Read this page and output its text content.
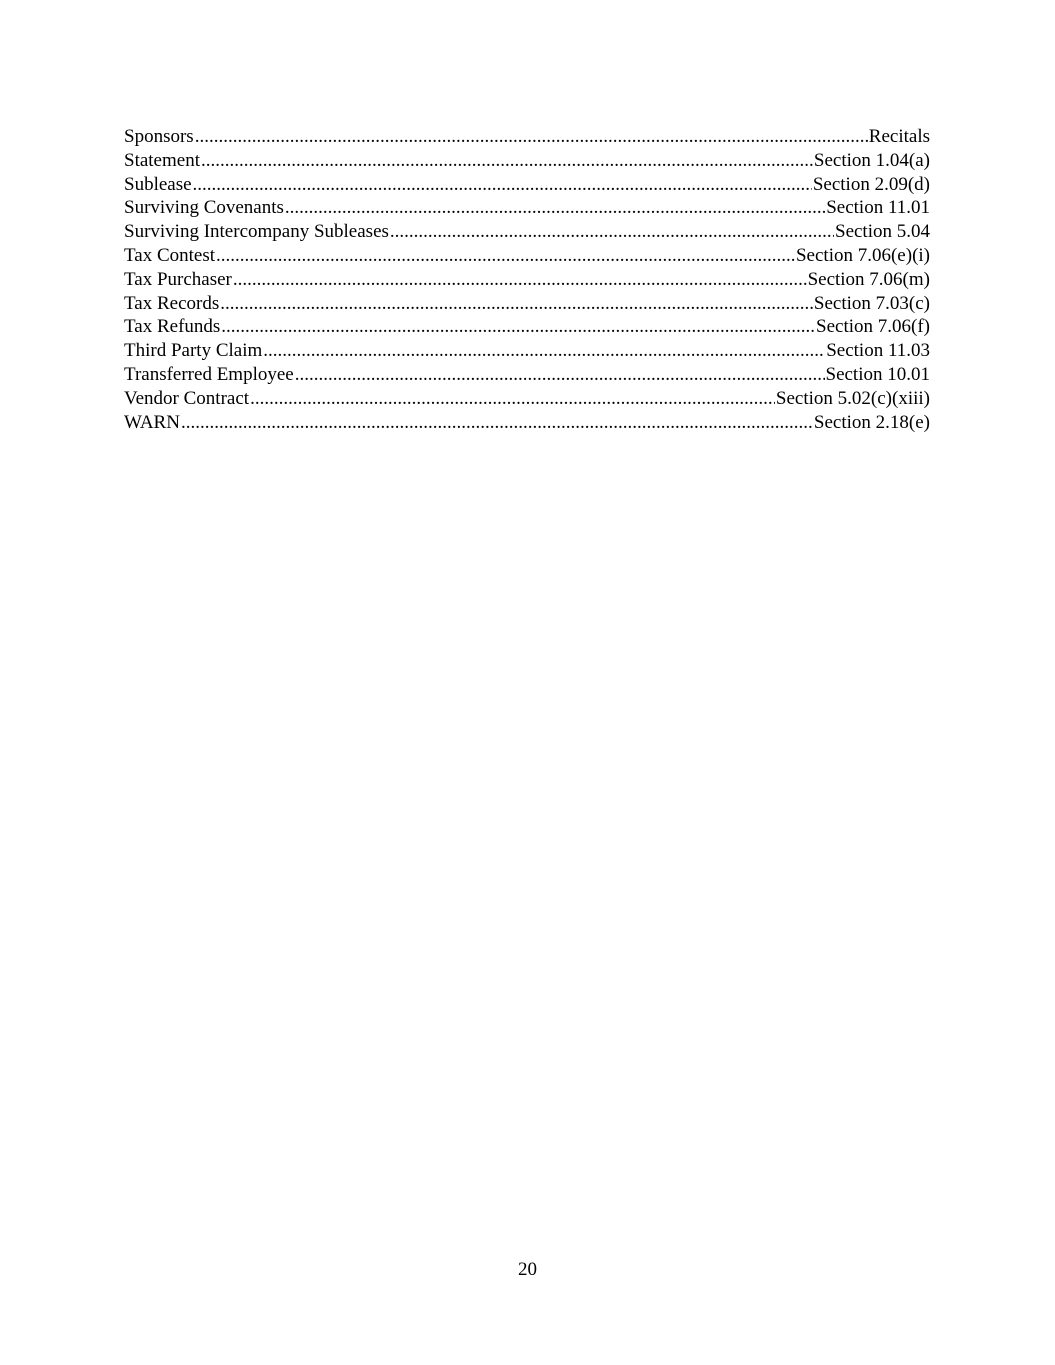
Sponsors .....	Recitals
Statement .....	Section 1.04(a)
Sublease .....	Section 2.09(d)
Surviving Covenants .....	Section 11.01
Surviving Intercompany Subleases .....	Section 5.04
Tax Contest .....	Section 7.06(e)(i)
Tax Purchaser .....	Section 7.06(m)
Tax Records .....	Section 7.03(c)
Tax Refunds .....	Section 7.06(f)
Third Party Claim .....	Section 11.03
Transferred Employee .....	Section 10.01
Vendor Contract .....	Section 5.02(c)(xiii)
WARN .....	Section 2.18(e)
20
